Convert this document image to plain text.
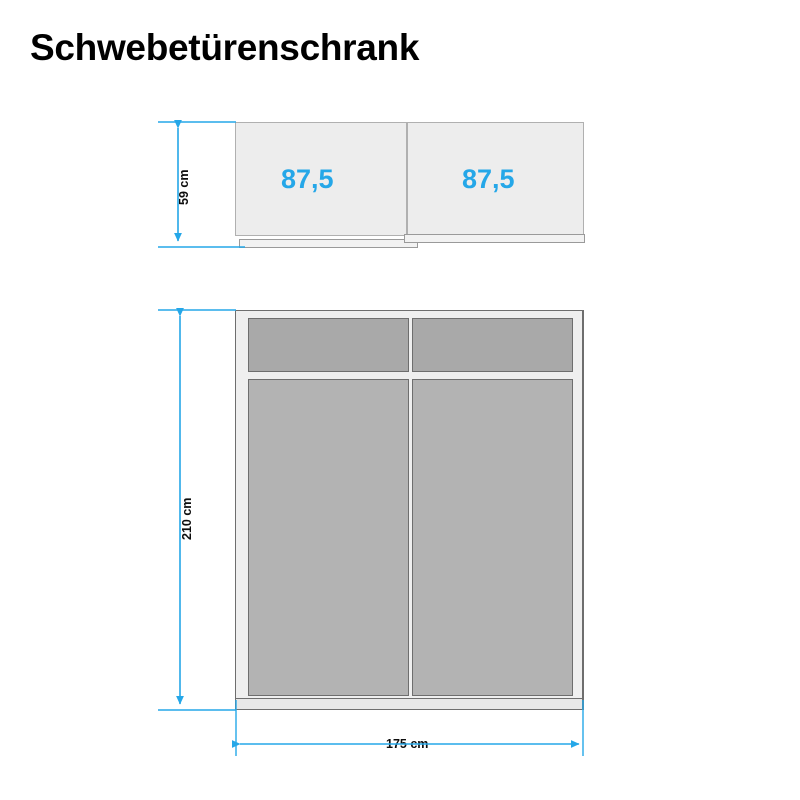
Schwebetürenschrank
87,5	87,5
59 cm
210 cm
175 cm
